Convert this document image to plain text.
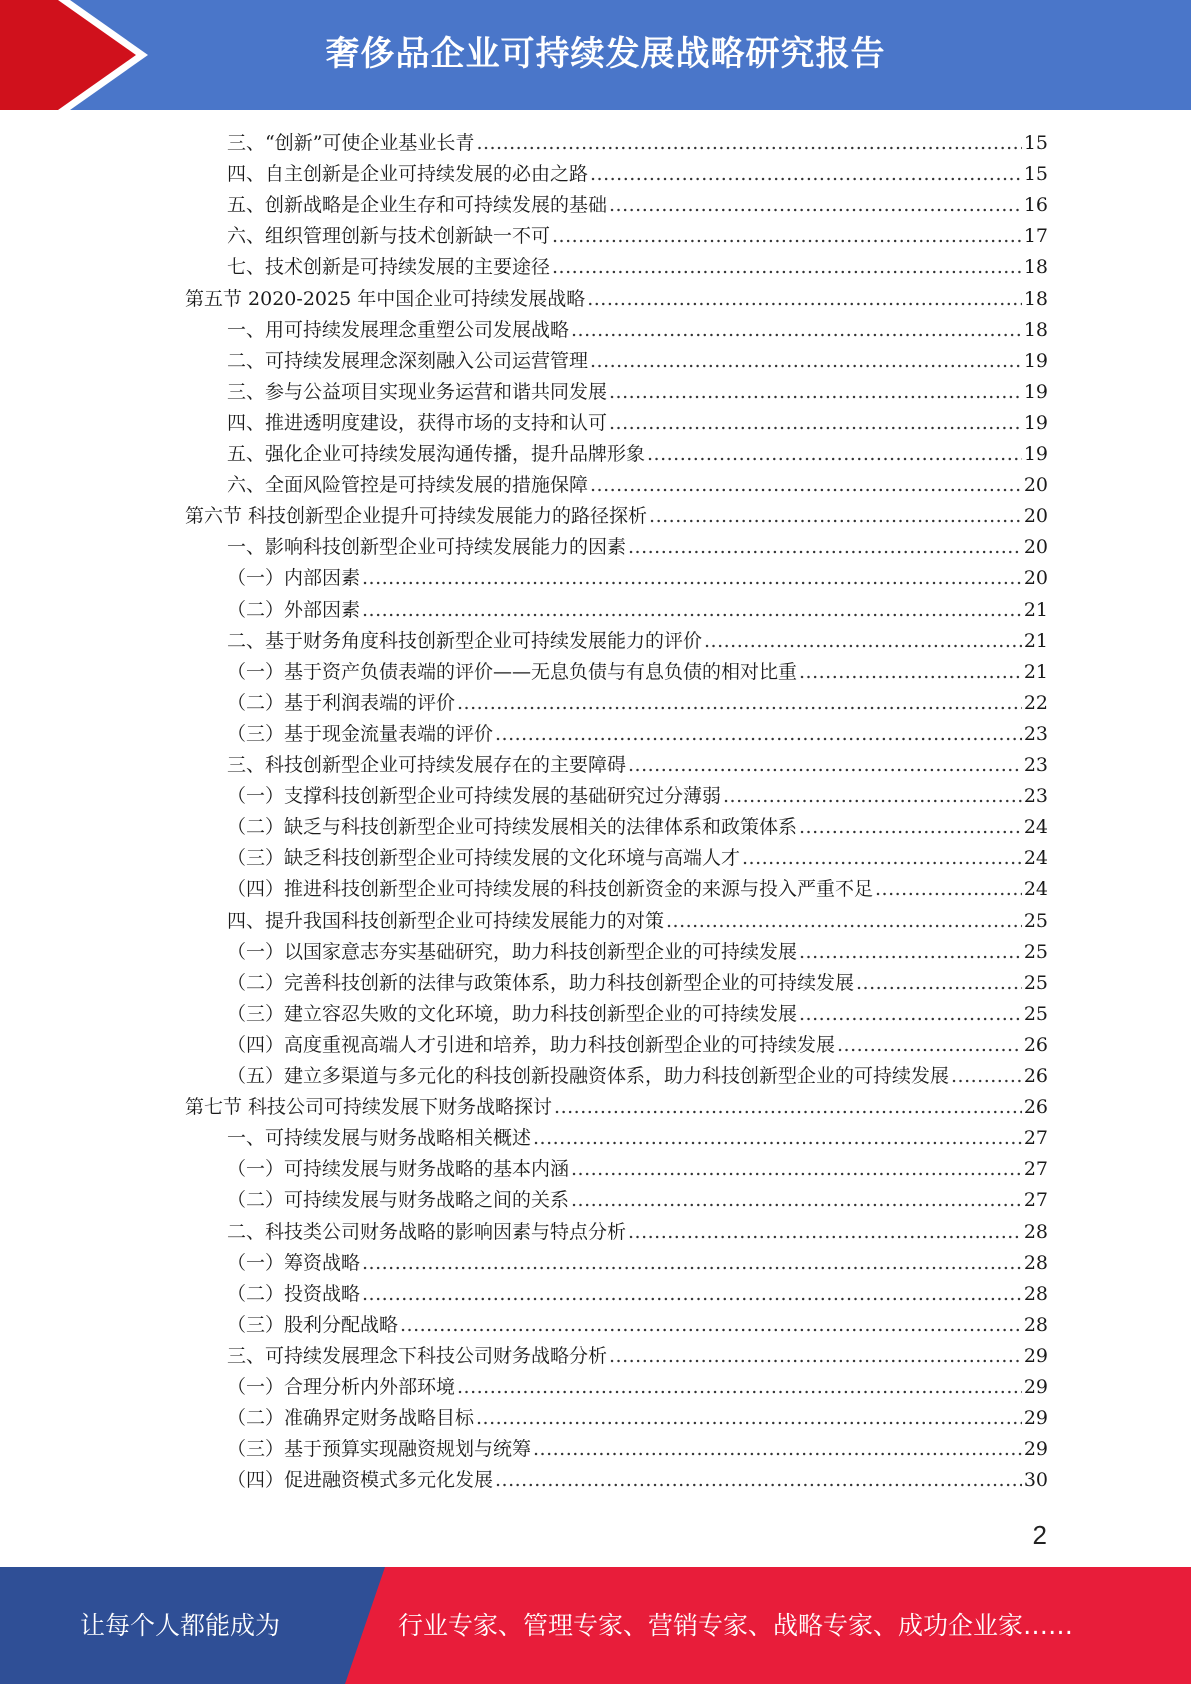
奢侈品企业可持续发展战略研究报告
三、“创新”可使企业基业长青 .....	15
四、自主创新是企业可持续发展的必由之路 .....	15
五、创新战略是企业生存和可持续发展的基础 .....	16
六、组织管理创新与技术创新缺一不可 .....	17
七、技术创新是可持续发展的主要途径 .....	18
第五节 2020-2025 年中国企业可持续发展战略 .....	18
一、用可持续发展理念重塑公司发展战略 .....	18
二、可持续发展理念深刻融入公司运营管理 .....	19
三、参与公益项目实现业务运营和谐共同发展 .....	19
四、推进透明度建设，获得市场的支持和认可 .....	19
五、强化企业可持续发展沟通传播，提升品牌形象 .....	19
六、全面风险管控是可持续发展的措施保障 .....	20
第六节 科技创新型企业提升可持续发展能力的路径探析 .....	20
一、影响科技创新型企业可持续发展能力的因素 .....	20
（一）内部因素 .....	20
（二）外部因素 .....	21
二、基于财务角度科技创新型企业可持续发展能力的评价 .....	21
（一）基于资产负债表端的评价——无息负债与有息负债的相对比重 .....	21
（二）基于利润表端的评价 .....	22
（三）基于现金流量表端的评价 .....	23
三、科技创新型企业可持续发展存在的主要障碍 .....	23
（一）支撑科技创新型企业可持续发展的基础研究过分薄弱 .....	23
（二）缺乏与科技创新型企业可持续发展相关的法律体系和政策体系 .....	24
（三）缺乏科技创新型企业可持续发展的文化环境与高端人才 .....	24
（四）推进科技创新型企业可持续发展的科技创新资金的来源与投入严重不足 .....	24
四、提升我国科技创新型企业可持续发展能力的对策 .....	25
（一）以国家意志夯实基础研究，助力科技创新型企业的可持续发展 .....	25
（二）完善科技创新的法律与政策体系，助力科技创新型企业的可持续发展 .....	25
（三）建立容忍失败的文化环境，助力科技创新型企业的可持续发展 .....	25
（四）高度重视高端人才引进和培养，助力科技创新型企业的可持续发展 .....	26
（五）建立多渠道与多元化的科技创新投融资体系，助力科技创新型企业的可持续发展 .....	26
第七节 科技公司可持续发展下财务战略探讨 .....	26
一、可持续发展与财务战略相关概述 .....	27
（一）可持续发展与财务战略的基本内涵 .....	27
（二）可持续发展与财务战略之间的关系 .....	27
二、科技类公司财务战略的影响因素与特点分析 .....	28
（一）筹资战略 .....	28
（二）投资战略 .....	28
（三）股利分配战略 .....	28
三、可持续发展理念下科技公司财务战略分析 .....	29
（一）合理分析内外部环境 .....	29
（二）准确界定财务战略目标 .....	29
（三）基于预算实现融资规划与统筹 .....	29
（四）促进融资模式多元化发展 .....	30
2
让每个人都能成为	行业专家、管理专家、营销专家、战略专家、成功企业家……
